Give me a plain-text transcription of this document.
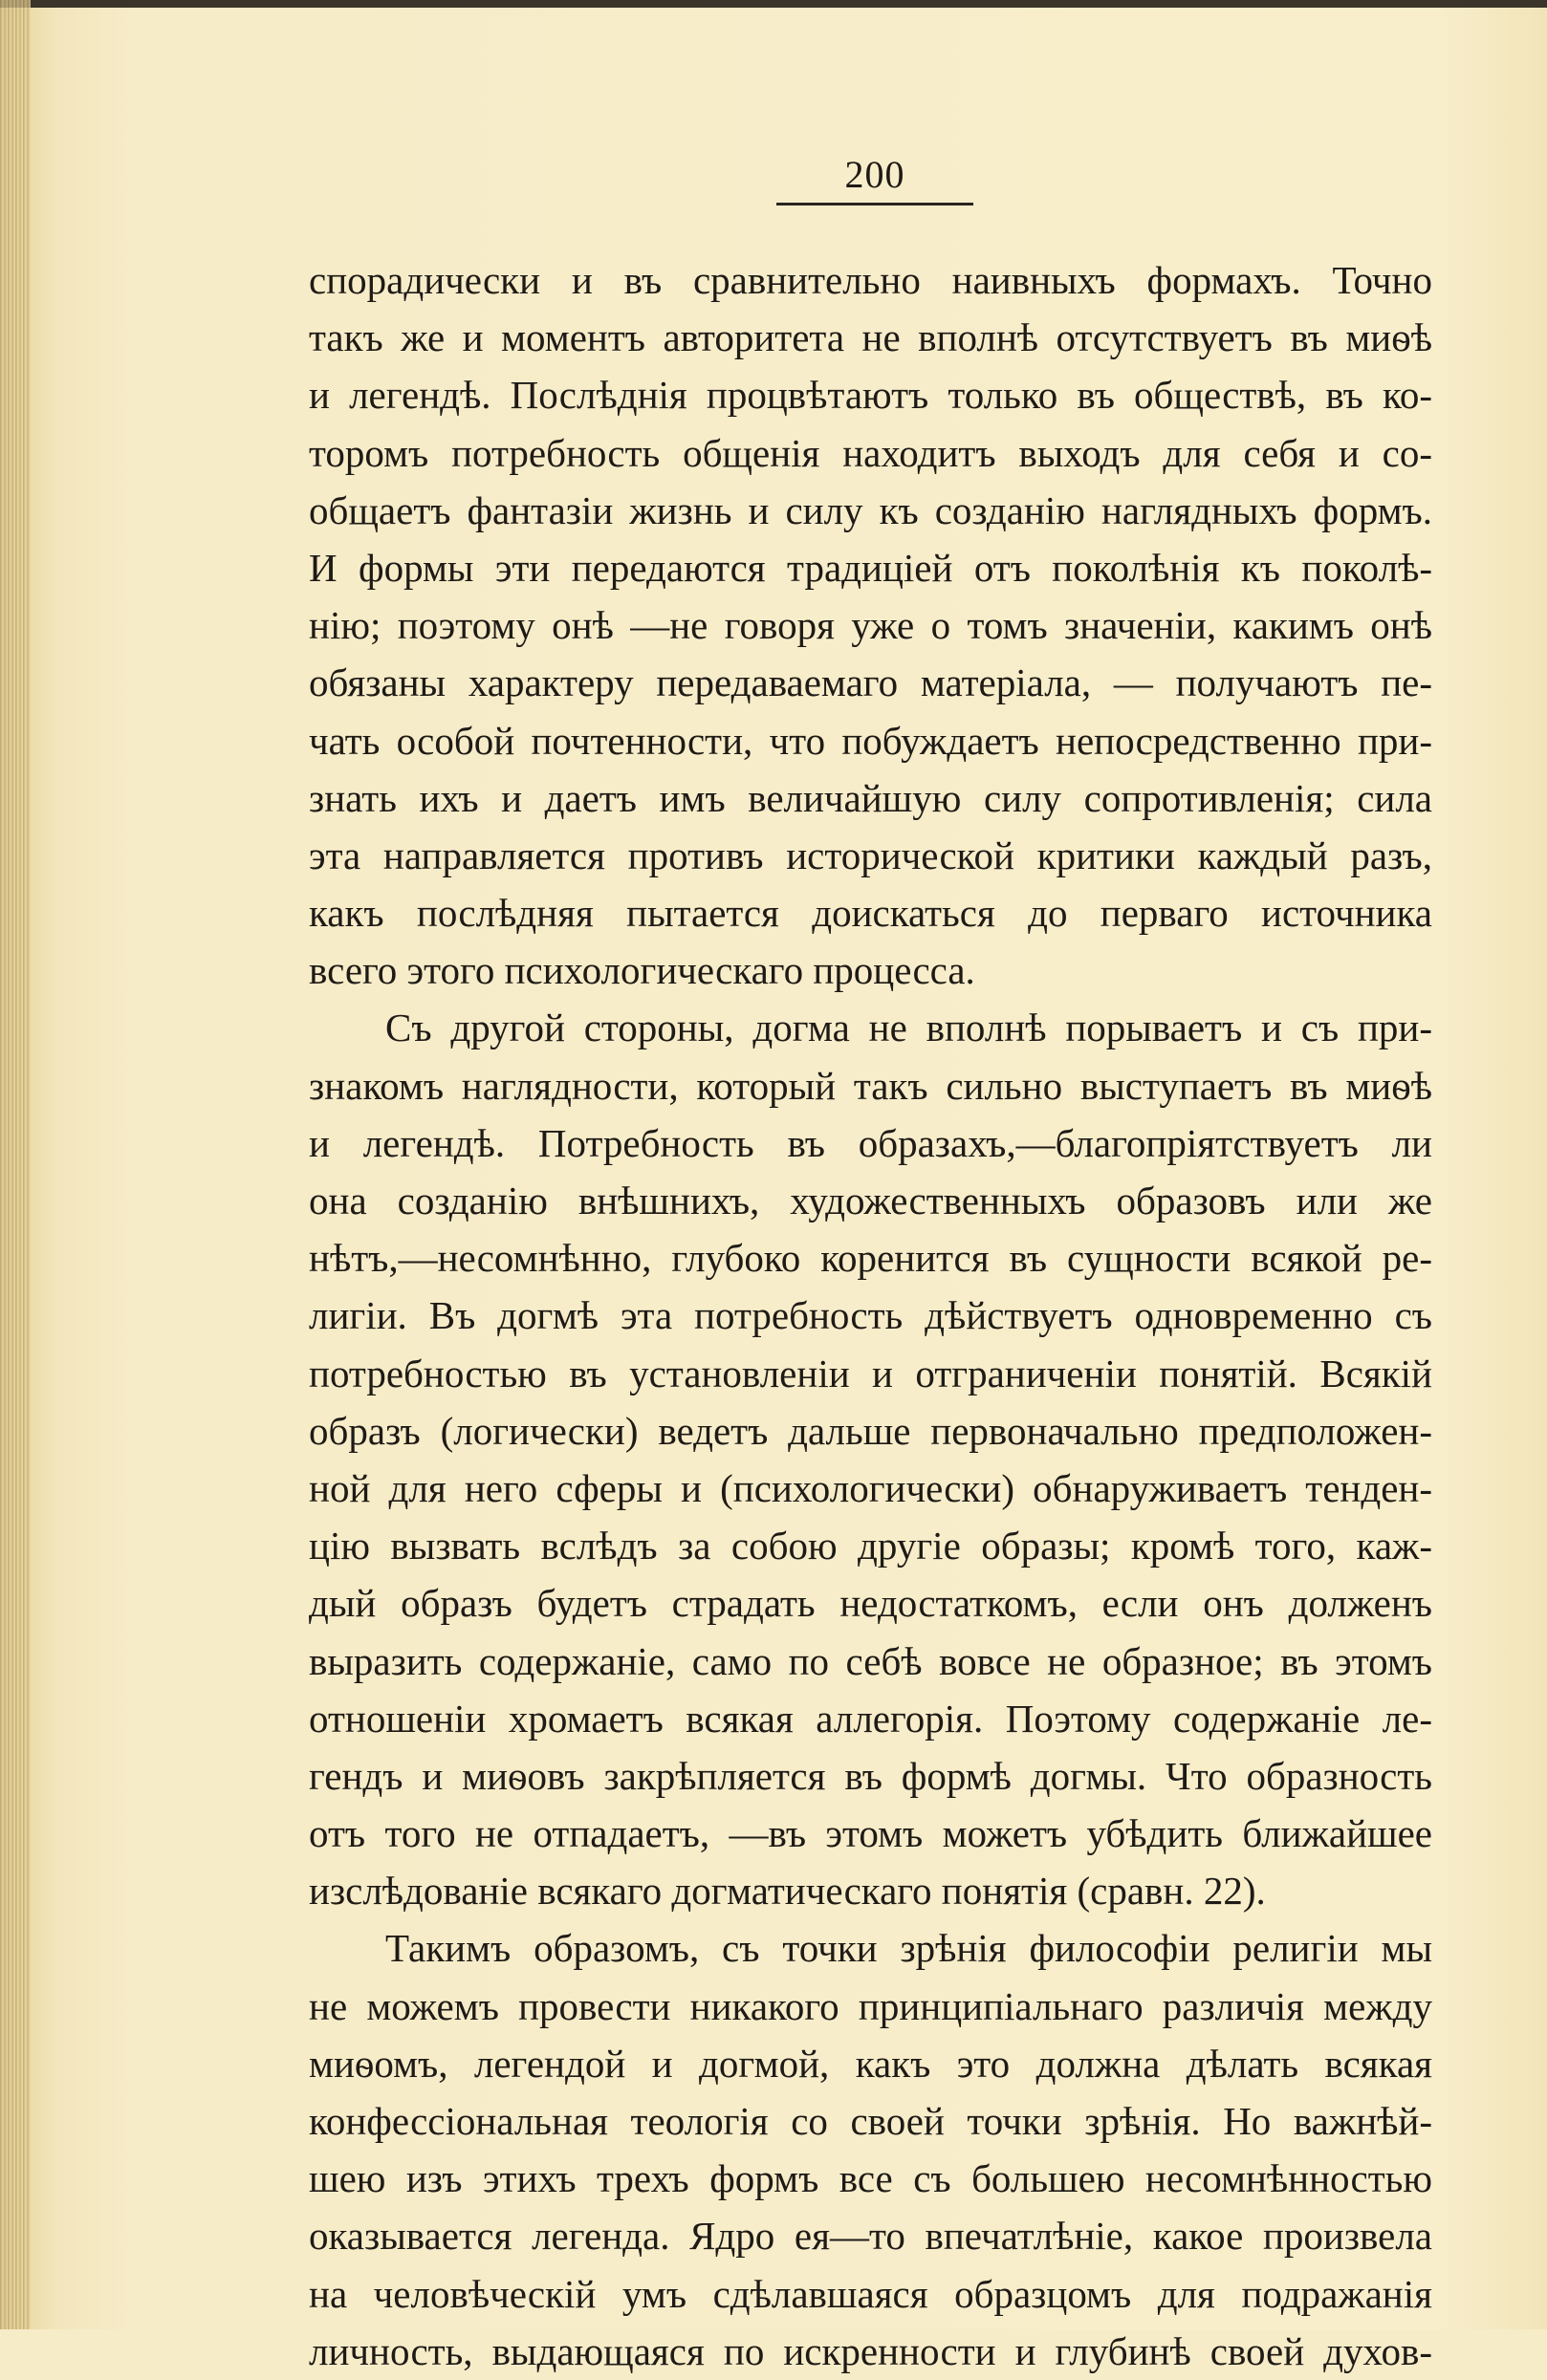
200
спорадически и въ сравнительно наивныхъ формахъ. Точно
такъ же и моментъ авторитета не вполнѣ отсутствуетъ въ миѳѣ
и легендѣ. Послѣднія процвѣтаютъ только въ обществѣ, въ ко-
торомъ потребность общенія находитъ выходъ для себя и со-
общаетъ фантазіи жизнь и силу къ созданію наглядныхъ формъ.
И формы эти передаются традиціей отъ поколѣнія къ поколѣ-
нію; поэтому онѣ —не говоря уже о томъ значеніи, какимъ онѣ
обязаны характеру передаваемаго матеріала, — получаютъ пе-
чать особой почтенности, что побуждаетъ непосредственно при-
знать ихъ и даетъ имъ величайшую силу сопротивленія; сила
эта направляется противъ исторической критики каждый разъ,
какъ послѣдняя пытается доискаться до перваго источника
всего этого психологическаго процесса.
Съ другой стороны, догма не вполнѣ порываетъ и съ при-
знакомъ наглядности, который такъ сильно выступаетъ въ миѳѣ
и легендѣ. Потребность въ образахъ,—благопріятствуетъ ли
она созданію внѣшнихъ, художественныхъ образовъ или же
нѣтъ,—несомнѣнно, глубоко коренится въ сущности всякой ре-
лигіи. Въ догмѣ эта потребность дѣйствуетъ одновременно съ
потребностью въ установленіи и отграниченіи понятій. Всякій
образъ (логически) ведетъ дальше первоначально предположен-
ной для него сферы и (психологически) обнаруживаетъ тенден-
цію вызвать вслѣдъ за собою другіе образы; кромѣ того, каж-
дый образъ будетъ страдать недостаткомъ, если онъ долженъ
выразить содержаніе, само по себѣ вовсе не образное; въ этомъ
отношеніи хромаетъ всякая аллегорія. Поэтому содержаніе ле-
гендъ и миѳовъ закрѣпляется въ формѣ догмы. Что образность
отъ того не отпадаетъ, —въ этомъ можетъ убѣдить ближайшее
изслѣдованіе всякаго догматическаго понятія (сравн. 22).
Такимъ образомъ, съ точки зрѣнія философіи религіи мы
не можемъ провести никакого принципіальнаго различія между
миѳомъ, легендой и догмой, какъ это должна дѣлать всякая
конфессіональная теологія со своей точки зрѣнія. Но важнѣй-
шею изъ этихъ трехъ формъ все съ большею несомнѣнностью
оказывается легенда. Ядро ея—то впечатлѣніе, какое произвела
на человѣческій умъ сдѣлавшаяся образцомъ для подражанія
личность, выдающаяся по искренности и глубинѣ своей духов-
